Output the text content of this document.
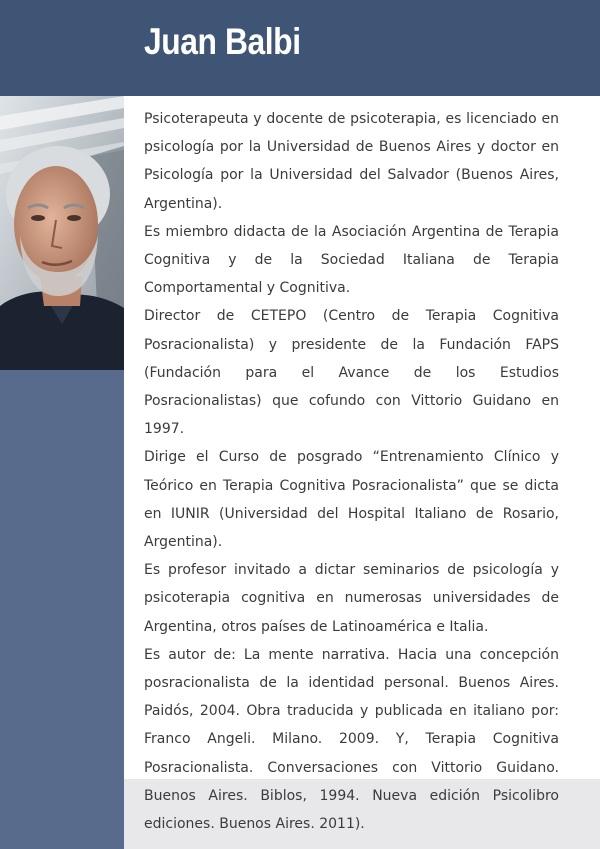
Juan Balbi

Psicoterapeuta y docente de psicoterapia, es licenciado en psicología por la Universidad de Buenos Aires y doctor en Psicología por la Universidad del Salvador (Buenos Aires, Argentina).

Es miembro didacta de la Asociación Argentina de Terapia Cognitiva y de la Sociedad Italiana de Terapia Comportamental y Cognitiva.

Director de CETEPO (Centro de Terapia Cognitiva Posracionalista) y presidente de la Fundación FAPS (Fundación para el Avance de los Estudios Posracionalistas) que cofundo con Vittorio Guidano en 1997.

Dirige el Curso de posgrado “Entrenamiento Clínico y Teórico en Terapia Cognitiva Posracionalista” que se dicta en IUNIR (Universidad del Hospital Italiano de Rosario, Argentina).

Es profesor invitado a dictar seminarios de psicología y psicoterapia cognitiva en numerosas universidades de Argentina, otros países de Latinoamérica e Italia.

Es autor de: La mente narrativa. Hacia una concepción posracionalista de la identidad personal. Buenos Aires. Paidós, 2004. Obra traducida y publicada en italiano por: Franco Angeli. Milano. 2009. Y, Terapia Cognitiva Posracionalista. Conversaciones con Vittorio Guidano. Buenos Aires. Biblos, 1994. Nueva edición Psicolibro ediciones. Buenos Aires. 2011).
